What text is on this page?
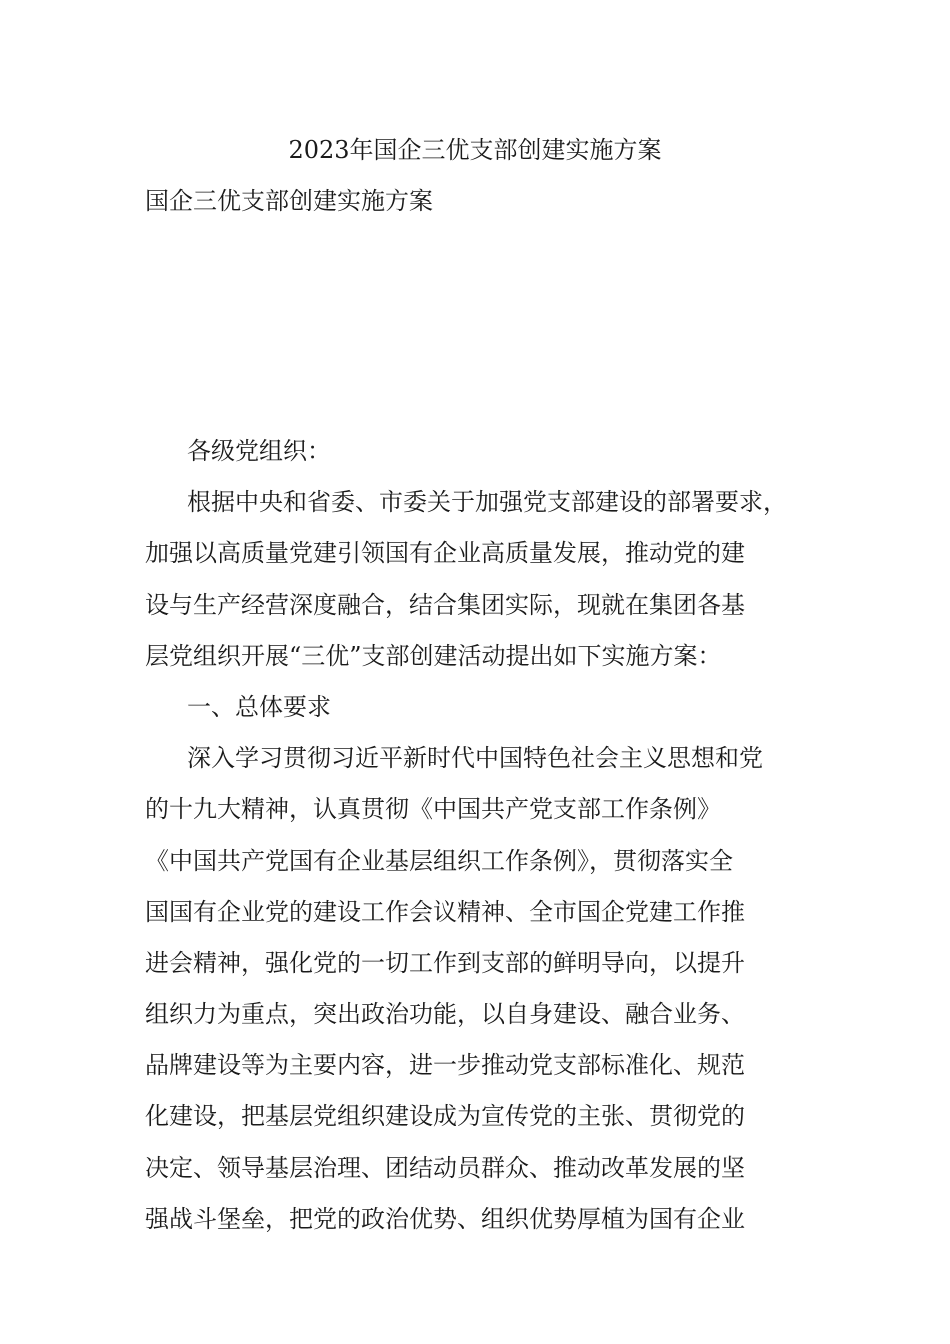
2023年国企三优支部创建实施方案
国企三优支部创建实施方案
各级党组织：
根据中央和省委、市委关于加强党支部建设的部署要求，
加强以高质量党建引领国有企业高质量发展，推动党的建
设与生产经营深度融合，结合集团实际，现就在集团各基
层党组织开展“三优”支部创建活动提出如下实施方案：
一、总体要求
深入学习贯彻习近平新时代中国特色社会主义思想和党
的十九大精神，认真贯彻《中国共产党支部工作条例》
《中国共产党国有企业基层组织工作条例》，贯彻落实全
国国有企业党的建设工作会议精神、全市国企党建工作推
进会精神，强化党的一切工作到支部的鲜明导向，以提升
组织力为重点，突出政治功能，以自身建设、融合业务、
品牌建设等为主要内容，进一步推动党支部标准化、规范
化建设，把基层党组织建设成为宣传党的主张、贯彻党的
决定、领导基层治理、团结动员群众、推动改革发展的坚
强战斗堡垒，把党的政治优势、组织优势厚植为国有企业
